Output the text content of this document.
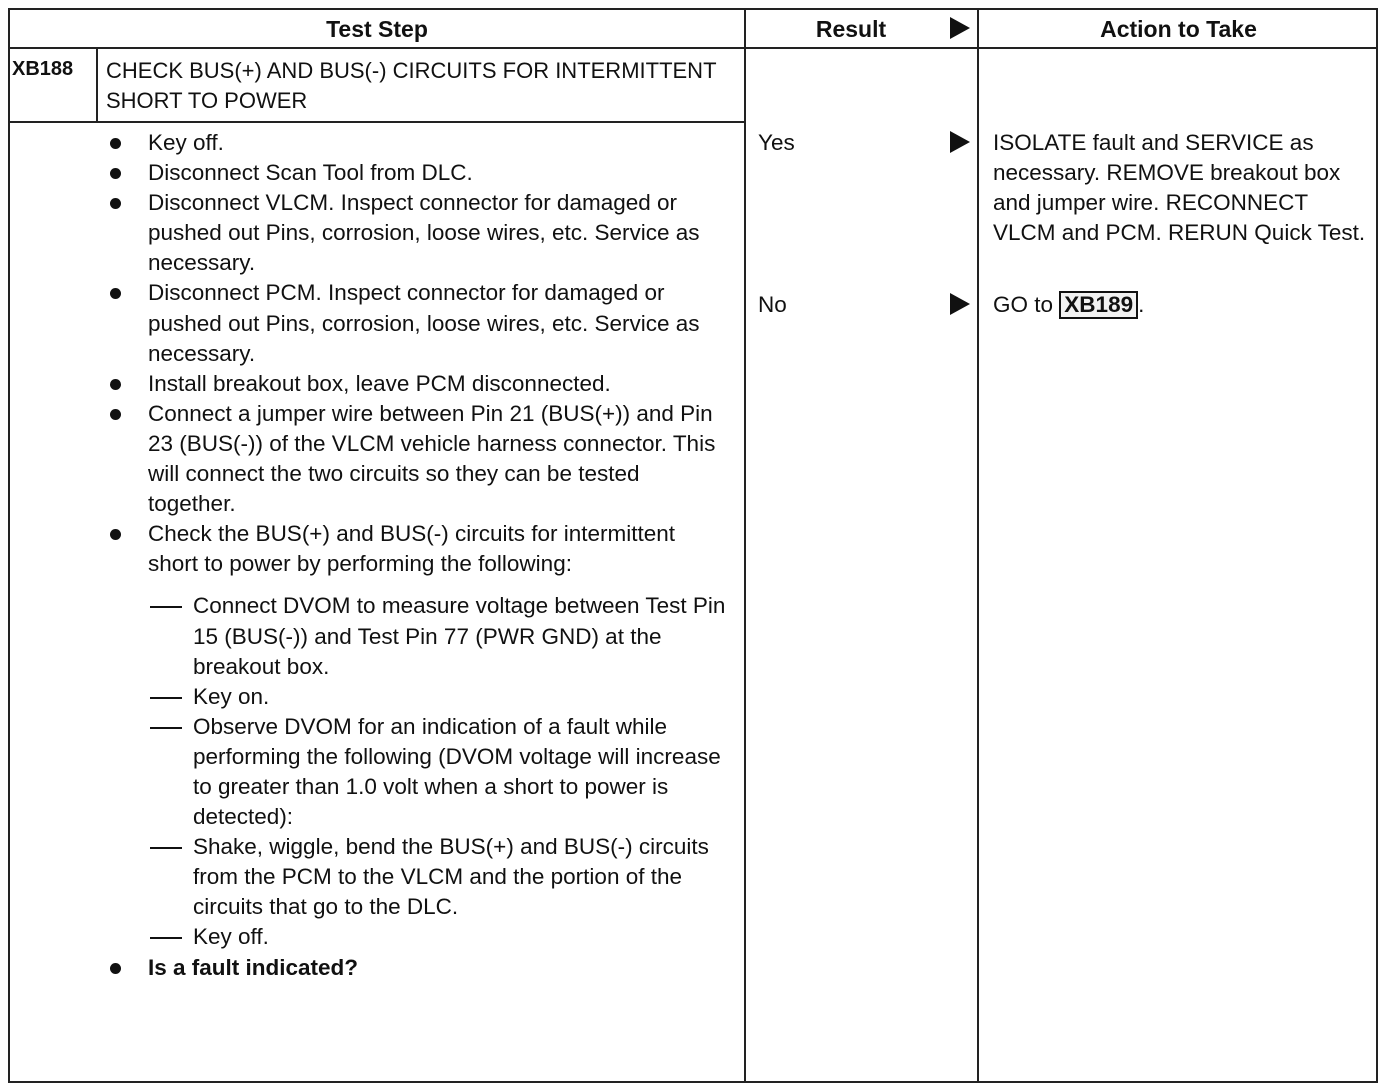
Test Step	Result	Action to Take
XB188 CHECK BUS(+) AND BUS(-) CIRCUITS FOR INTERMITTENT SHORT TO POWER
Key off.
Disconnect Scan Tool from DLC.
Disconnect VLCM. Inspect connector for damaged or pushed out Pins, corrosion, loose wires, etc. Service as necessary.
Disconnect PCM. Inspect connector for damaged or pushed out Pins, corrosion, loose wires, etc. Service as necessary.
Install breakout box, leave PCM disconnected.
Connect a jumper wire between Pin 21 (BUS(+)) and Pin 23 (BUS(-)) of the VLCM vehicle harness connector. This will connect the two circuits so they can be tested together.
Check the BUS(+) and BUS(-) circuits for intermittent short to power by performing the following:
Connect DVOM to measure voltage between Test Pin 15 (BUS(-)) and Test Pin 77 (PWR GND) at the breakout box.
Key on.
Observe DVOM for an indication of a fault while performing the following (DVOM voltage will increase to greater than 1.0 volt when a short to power is detected):
Shake, wiggle, bend the BUS(+) and BUS(-) circuits from the PCM to the VLCM and the portion of the circuits that go to the DLC.
Key off.
Is a fault indicated?
Yes
No
ISOLATE fault and SERVICE as necessary. REMOVE breakout box and jumper wire. RECONNECT VLCM and PCM. RERUN Quick Test.
GO to XB189 .
